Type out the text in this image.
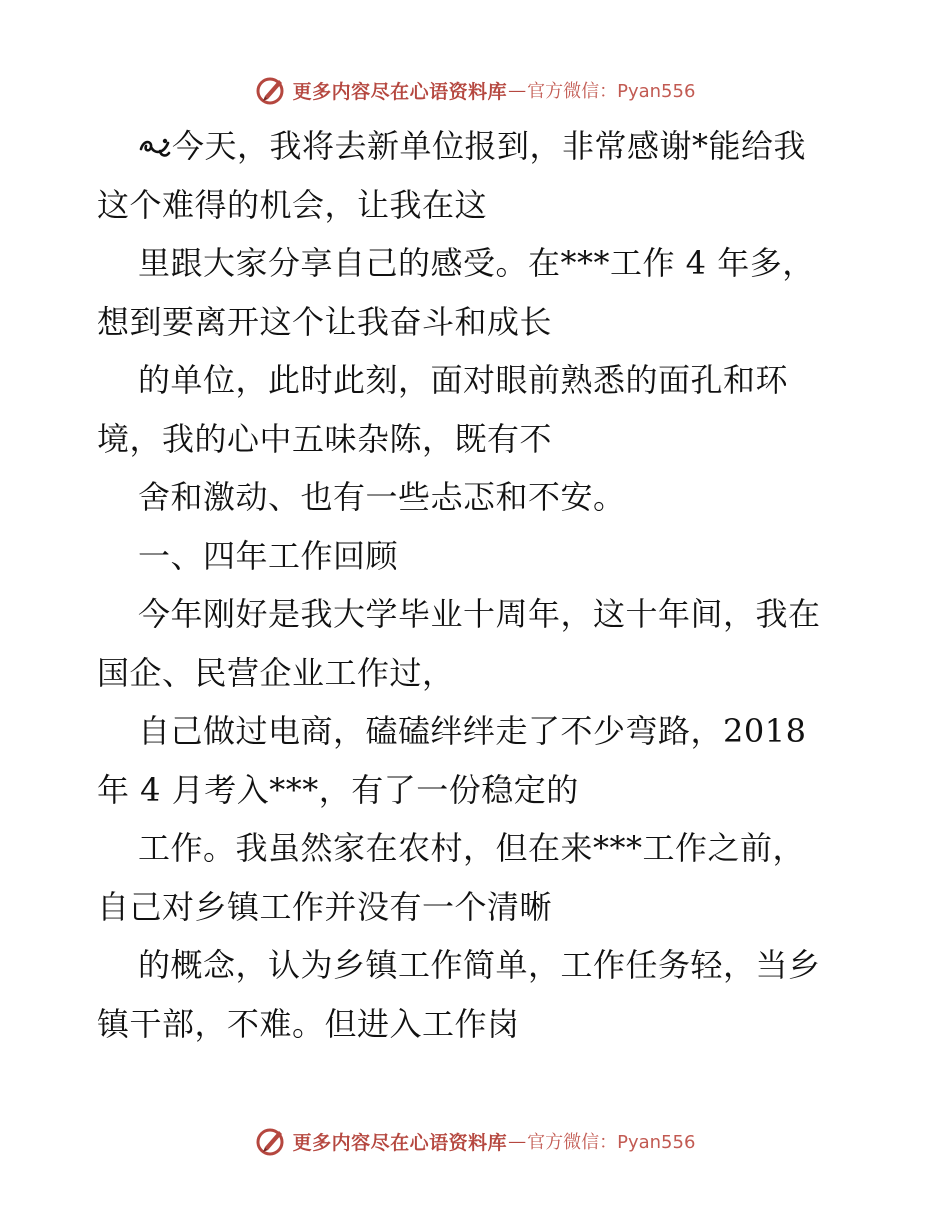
更多内容尽在心语资料库 — 官方微信：Pyan556
今天，我将去新单位报到，非常感谢*能给我
这个难得的机会，让我在这
里跟大家分享自己的感受。在***工作 4 年多，
想到要离开这个让我奋斗和成长
的单位，此时此刻，面对眼前熟悉的面孔和环
境，我的心中五味杂陈，既有不
舍和激动、也有一些忐忑和不安。
一、四年工作回顾
今年刚好是我大学毕业十周年，这十年间，我在
国企、民营企业工作过，
自己做过电商，磕磕绊绊走了不少弯路，2018
年 4 月考入***，有了一份稳定的
工作。我虽然家在农村，但在来***工作之前，
自己对乡镇工作并没有一个清晰
的概念，认为乡镇工作简单，工作任务轻，当乡
镇干部，不难。但进入工作岗
更多内容尽在心语资料库 — 官方微信：Pyan556
